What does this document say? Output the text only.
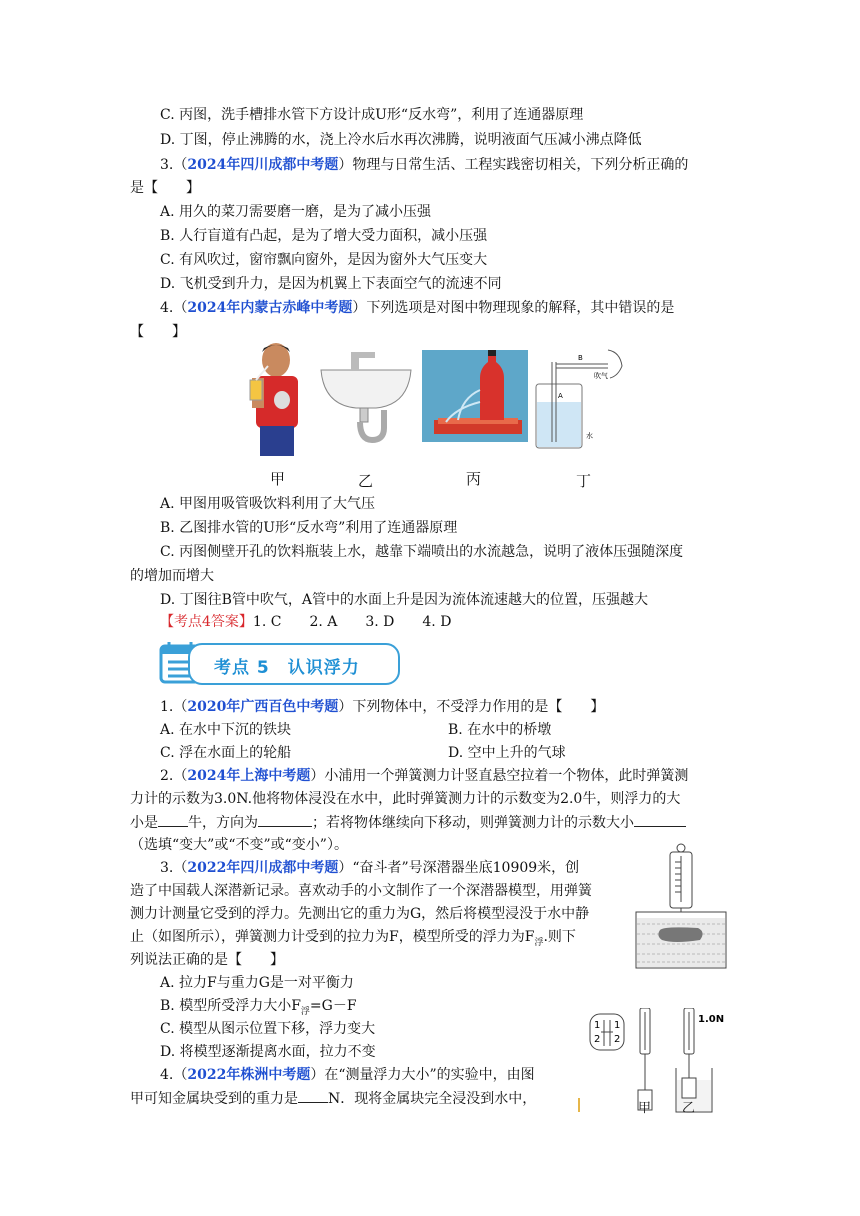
C. 丙图，洗手槽排水管下方设计成U形“反水弯”，利用了连通器原理
D. 丁图，停止沸腾的水，浇上冷水后水再次沸腾，说明液面气压减小沸点降低
3.（2024年四川成都中考题）物理与日常生活、工程实践密切相关，下列分析正确的
是【　　】
A. 用久的菜刀需要磨一磨，是为了减小压强
B. 人行盲道有凸起，是为了增大受力面积，减小压强
C. 有风吹过，窗帘飘向窗外，是因为窗外大气压变大
D. 飞机受到升力，是因为机翼上下表面空气的流速不同
4.（2024年内蒙古赤峰中考题）下列选项是对图中物理现象的解释，其中错误的是
【　　】
B
A
吹气
水
甲	乙	丙	丁
A. 甲图用吸管吸饮料利用了大气压
B. 乙图排水管的U形“反水弯”利用了连通器原理
C. 丙图侧壁开孔的饮料瓶装上水，越靠下端喷出的水流越急，说明了液体压强随深度
的增加而增大
D. 丁图往B管中吹气，A管中的水面上升是因为流体流速越大的位置，压强越大
【考点4答案】1. C　　2. A　　3. D　　4. D
考点 5　认识浮力
1.（2020年广西百色中考题）下列物体中，不受浮力作用的是【　　】
A. 在水中下沉的铁块	B. 在水中的桥墩
C. 浮在水面上的轮船	D. 空中上升的气球
2.（2024年上海中考题）小浦用一个弹簧测力计竖直悬空拉着一个物体，此时弹簧测
力计的示数为3.0N.他将物体浸没在水中，此时弹簧测力计的示数变为2.0牛，则浮力的大
小是 牛，方向为	；若将物体继续向下移动，则弹簧测力计的示数大小
（选填“变大”或“不变”或“变小”）。
3.（2022年四川成都中考题）“奋斗者”号深潜器坐底10909米，创
造了中国载人深潜新记录。喜欢动手的小文制作了一个深潜器模型，用弹簧
测力计测量它受到的浮力。先测出它的重力为G，然后将模型浸没于水中静
止（如图所示），弹簧测力计受到的拉力为F，模型所受的浮力为$F_浮$.则下
列说法正确的是【　　】
A. 拉力F与重力G是一对平衡力
B. 模型所受浮力大小$F_浮=G-F$
C. 模型从图示位置下移，浮力变大
D. 将模型逐渐提离水面，拉力不变
4.（2022年株洲中考题）在“测量浮力大小”的实验中，由图
甲可知金属块受到的重力是 N．现将金属块完全浸没到水中，
1
2
1
2
1.0N
甲 乙
